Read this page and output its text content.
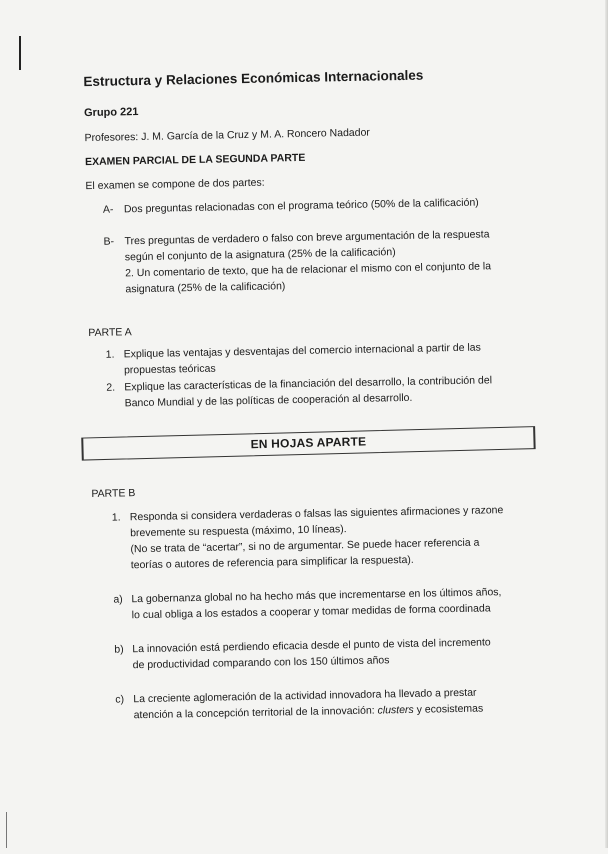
Estructura y Relaciones Económicas Internacionales
Grupo 221
Profesores: J. M. García de la Cruz y M. A. Roncero Nadador
EXAMEN PARCIAL DE LA SEGUNDA PARTE
El examen se compone de dos partes:
A- Dos preguntas relacionadas con el programa teórico (50% de la calificación)
B- Tres preguntas de verdadero o falso con breve argumentación de la respuesta
según el conjunto de la asignatura (25% de la calificación)
2. Un comentario de texto, que ha de relacionar el mismo con el conjunto de la
asignatura (25% de la calificación)
PARTE A
1. Explique las ventajas y desventajas del comercio internacional a partir de las
propuestas teóricas
2. Explique las características de la financiación del desarrollo, la contribución del
Banco Mundial y de las políticas de cooperación al desarrollo.
EN HOJAS APARTE
PARTE B
1. Responda si considera verdaderas o falsas las siguientes afirmaciones y razone
brevemente su respuesta (máximo, 10 líneas).
(No se trata de “acertar”, si no de argumentar. Se puede hacer referencia a
teorías o autores de referencia para simplificar la respuesta).
a) La gobernanza global no ha hecho más que incrementarse en los últimos años,
lo cual obliga a los estados a cooperar y tomar medidas de forma coordinada
b) La innovación está perdiendo eficacia desde el punto de vista del incremento
de productividad comparando con los 150 últimos años
c) La creciente aglomeración de la actividad innovadora ha llevado a prestar
atención a la concepción territorial de la innovación: clusters y ecosistemas
